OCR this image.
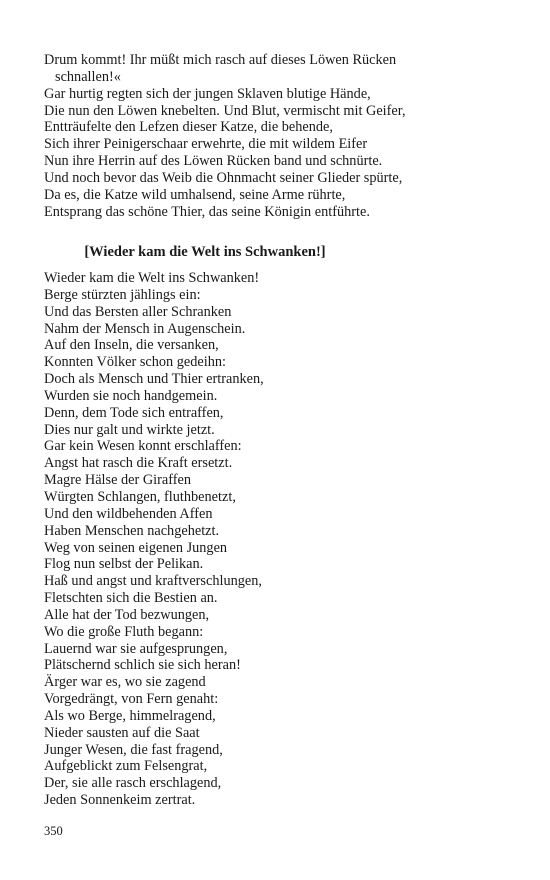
Drum kommt! Ihr müßt mich rasch auf dieses Löwen Rücken
schnallen!«
Gar hurtig regten sich der jungen Sklaven blutige Hände,
Die nun den Löwen knebelten. Und Blut, vermischt mit Geifer,
Entträufelte den Lefzen dieser Katze, die behende,
Sich ihrer Peinigerschaar erwehrte, die mit wildem Eifer
Nun ihre Herrin auf des Löwen Rücken band und schnürte.
Und noch bevor das Weib die Ohnmacht seiner Glieder spürte,
Da es, die Katze wild umhalsend, seine Arme rührte,
Entsprang das schöne Thier, das seine Königin entführte.
[Wieder kam die Welt ins Schwanken!]
Wieder kam die Welt ins Schwanken!
Berge stürzten jählings ein:
Und das Bersten aller Schranken
Nahm der Mensch in Augenschein.
Auf den Inseln, die versanken,
Konnten Völker schon gedeihn:
Doch als Mensch und Thier ertranken,
Wurden sie noch handgemein.
Denn, dem Tode sich entraffen,
Dies nur galt und wirkte jetzt.
Gar kein Wesen konnt erschlaffen:
Angst hat rasch die Kraft ersetzt.
Magre Hälse der Giraffen
Würgten Schlangen, fluthbenetzt,
Und den wildbehenden Affen
Haben Menschen nachgehetzt.
Weg von seinen eigenen Jungen
Flog nun selbst der Pelikan.
Haß und angst und kraftverschlungen,
Fletschten sich die Bestien an.
Alle hat der Tod bezwungen,
Wo die große Fluth begann:
Lauernd war sie aufgesprungen,
Plätschernd schlich sie sich heran!
Ärger war es, wo sie zagend
Vorgedrängt, von Fern genaht:
Als wo Berge, himmelragend,
Nieder sausten auf die Saat
Junger Wesen, die fast fragend,
Aufgeblickt zum Felsengrat,
Der, sie alle rasch erschlagend,
Jeden Sonnenkeim zertrat.
350
